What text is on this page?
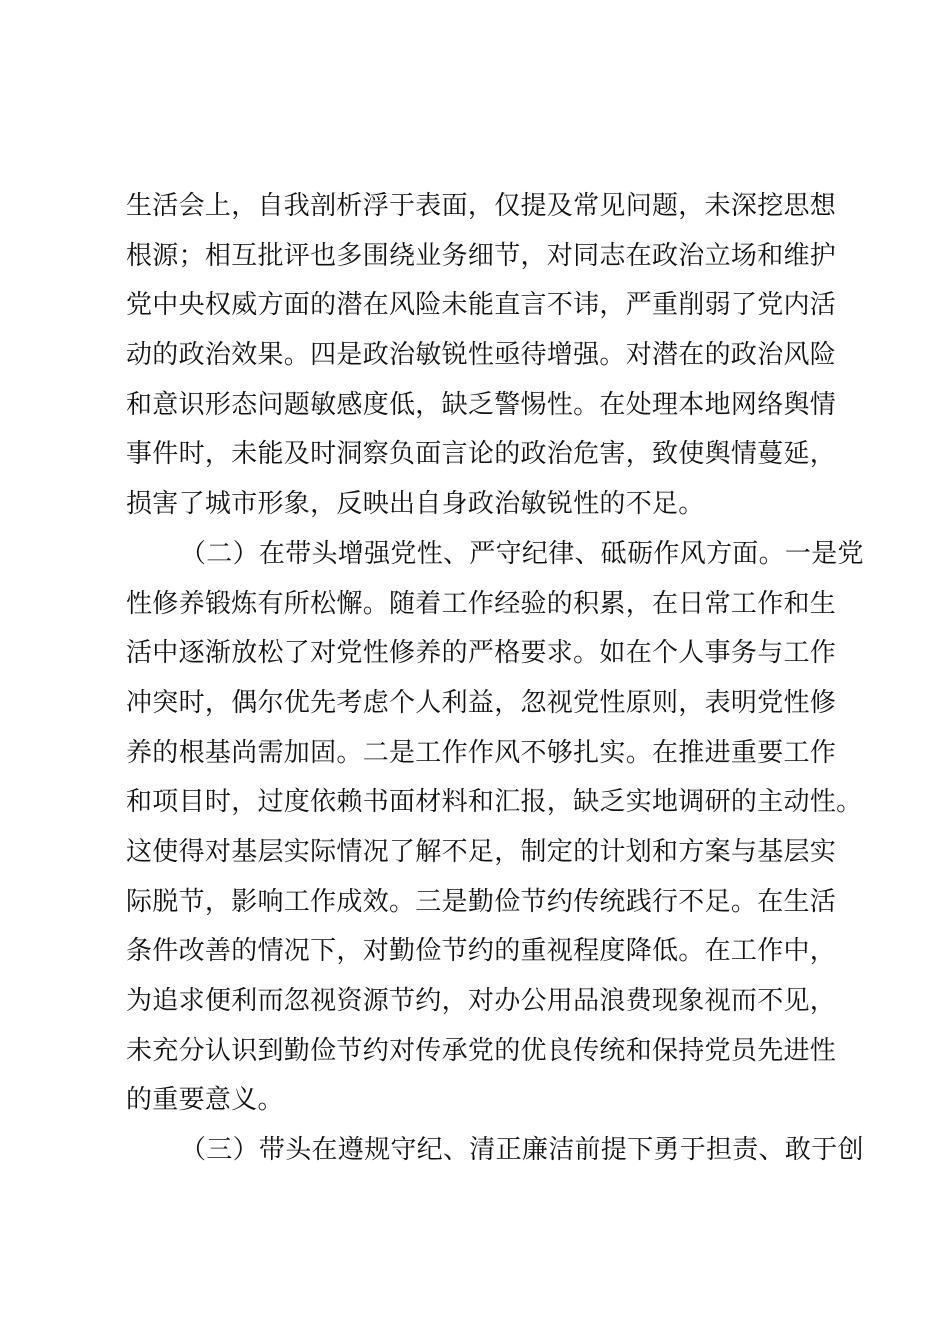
生活会上，自我剖析浮于表面，仅提及常见问题，未深挖思想
根源；相互批评也多围绕业务细节，对同志在政治立场和维护
党中央权威方面的潜在风险未能直言不讳，严重削弱了党内活
动的政治效果。四是政治敏锐性亟待增强。对潜在的政治风险
和意识形态问题敏感度低，缺乏警惕性。在处理本地网络舆情
事件时，未能及时洞察负面言论的政治危害，致使舆情蔓延，
损害了城市形象，反映出自身政治敏锐性的不足。
（二）在带头增强党性、严守纪律、砥砺作风方面。一是党
性修养锻炼有所松懈。随着工作经验的积累，在日常工作和生
活中逐渐放松了对党性修养的严格要求。如在个人事务与工作
冲突时，偶尔优先考虑个人利益，忽视党性原则，表明党性修
养的根基尚需加固。二是工作作风不够扎实。在推进重要工作
和项目时，过度依赖书面材料和汇报，缺乏实地调研的主动性。
这使得对基层实际情况了解不足，制定的计划和方案与基层实
际脱节，影响工作成效。三是勤俭节约传统践行不足。在生活
条件改善的情况下，对勤俭节约的重视程度降低。在工作中，
为追求便利而忽视资源节约，对办公用品浪费现象视而不见，
未充分认识到勤俭节约对传承党的优良传统和保持党员先进性
的重要意义。
（三）带头在遵规守纪、清正廉洁前提下勇于担责、敢于创
